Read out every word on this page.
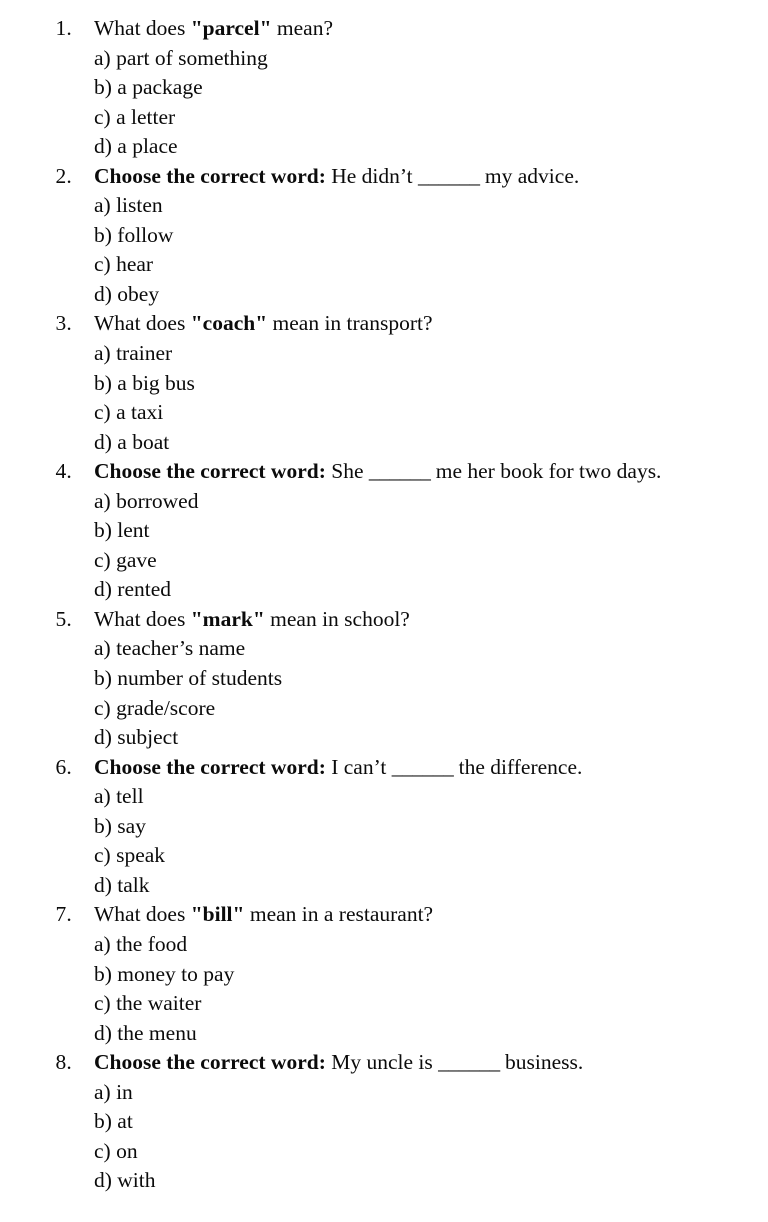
1. What does "parcel" mean?
a) part of something
b) a package
c) a letter
d) a place
2. Choose the correct word: He didn’t ______ my advice.
a) listen
b) follow
c) hear
d) obey
3. What does "coach" mean in transport?
a) trainer
b) a big bus
c) a taxi
d) a boat
4. Choose the correct word: She ______ me her book for two days.
a) borrowed
b) lent
c) gave
d) rented
5. What does "mark" mean in school?
a) teacher’s name
b) number of students
c) grade/score
d) subject
6. Choose the correct word: I can’t ______ the difference.
a) tell
b) say
c) speak
d) talk
7. What does "bill" mean in a restaurant?
a) the food
b) money to pay
c) the waiter
d) the menu
8. Choose the correct word: My uncle is ______ business.
a) in
b) at
c) on
d) with
